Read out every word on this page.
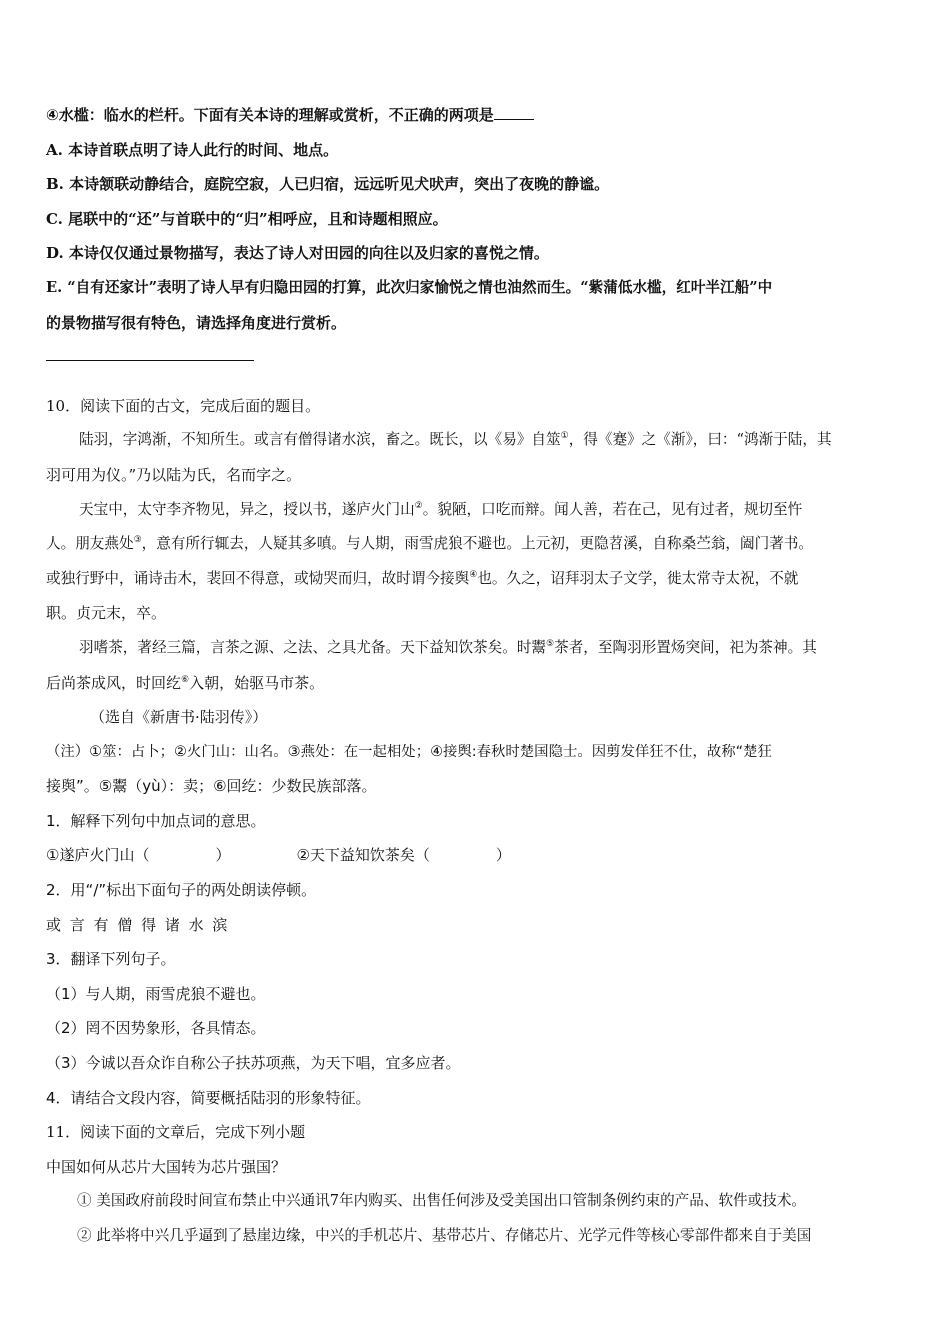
④水槛：临水的栏杆。下面有关本诗的理解或赏析，不正确的两项是
A. 本诗首联点明了诗人此行的时间、地点。
B. 本诗颔联动静结合，庭院空寂，人已归宿，远远听见犬吠声，突出了夜晚的静谧。
C. 尾联中的“还”与首联中的“归”相呼应，且和诗题相照应。
D. 本诗仅仅通过景物描写，表达了诗人对田园的向往以及归家的喜悦之情。
E. “自有还家计”表明了诗人早有归隐田园的打算，此次归家愉悦之情也油然而生。“紫蒲低水槛，红叶半江船”中
的景物描写很有特色，请选择角度进行赏析。
10．阅读下面的古文，完成后面的题目。
陆羽，字鸿渐，不知所生。或言有僧得诸水滨，畜之。既长，以《易》自筮①，得《蹇》之《渐》，曰：“鸿渐于陆，其
羽可用为仪。”乃以陆为氏，名而字之。
天宝中，太守李齐物见，异之，授以书，遂庐火门山②。貌陋，口吃而辩。闻人善，若在己，见有过者，规切至忤
人。朋友燕处③，意有所行辄去，人疑其多嗔。与人期，雨雪虎狼不避也。上元初，更隐苕溪，自称桑苎翁，阖门著书。
或独行野中，诵诗击木，裴回不得意，或恸哭而归，故时谓今接舆④也。久之，诏拜羽太子文学，徙太常寺太祝，不就
职。贞元末，卒。
羽嗜茶，著经三篇，言茶之源、之法、之具尤备。天下益知饮茶矣。时鬻⑤茶者，至陶羽形置炀突间，祀为茶神。其
后尚茶成风，时回纥⑥入朝，始驱马市茶。
（选自《新唐书·陆羽传》）
（注）①筮：占卜；②火门山：山名。③燕处：在一起相处；④接舆:春秋时楚国隐士。因剪发佯狂不仕，故称“楚狂
接舆”。⑤鬻（yù）：卖；⑥回纥：少数民族部落。
1．解释下列句中加点词的意思。
①遂庐火门山（	）	②天下益知饮茶矣（	）
2．用“/”标出下面句子的两处朗读停顿。
或 言 有 僧 得 诸 水 滨
3．翻译下列句子。
（1）与人期，雨雪虎狼不避也。
（2）罔不因势象形，各具情态。
（3）今诚以吾众诈自称公子扶苏项燕，为天下唱，宜多应者。
4．请结合文段内容，简要概括陆羽的形象特征。
11．阅读下面的文章后，完成下列小题
中国如何从芯片大国转为芯片强国？
① 美国政府前段时间宣布禁止中兴通讯7年内购买、出售任何涉及受美国出口管制条例约束的产品、软件或技术。
② 此举将中兴几乎逼到了悬崖边缘，中兴的手机芯片、基带芯片、存储芯片、光学元件等核心零部件都来自于美国
